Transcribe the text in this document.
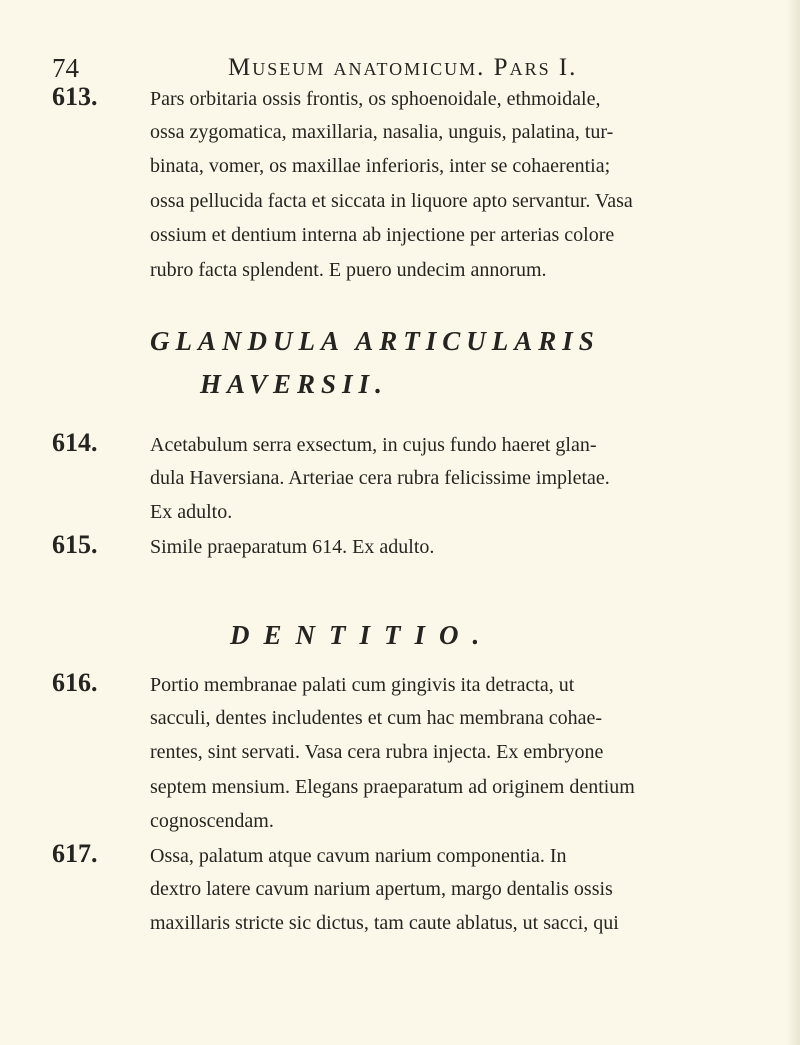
74	Museum anatomicum. Pars I.
613.	Pars orbitaria ossis frontis, os sphoenoidale, ethmoidale,
ossa zygomatica, maxillaria, nasalia, unguis, palatina, tur-
binata, vomer, os maxillae inferioris, inter se cohaerentia;
ossa pellucida facta et siccata in liquore apto servantur. Vasa
ossium et dentium interna ab injectione per arterias colore
rubro facta splendent. E puero undecim annorum.
GLANDULA ARTICULARIS
HAVERSII.
614.	Acetabulum serra exsectum, in cujus fundo haeret glan-
dula Haversiana. Arteriae cera rubra felicissime impletae.
Ex adulto.
615.	Simile praeparatum 614. Ex adulto.
DENTITIO.
616.	Portio membranae palati cum gingivis ita detracta, ut
sacculi, dentes includentes et cum hac membrana cohae-
rentes, sint servati. Vasa cera rubra injecta. Ex embryone
septem mensium. Elegans praeparatum ad originem dentium
cognoscendam.
617.	Ossa, palatum atque cavum narium componentia. In
dextro latere cavum narium apertum, margo dentalis ossis
maxillaris stricte sic dictus, tam caute ablatus, ut sacci, qui
